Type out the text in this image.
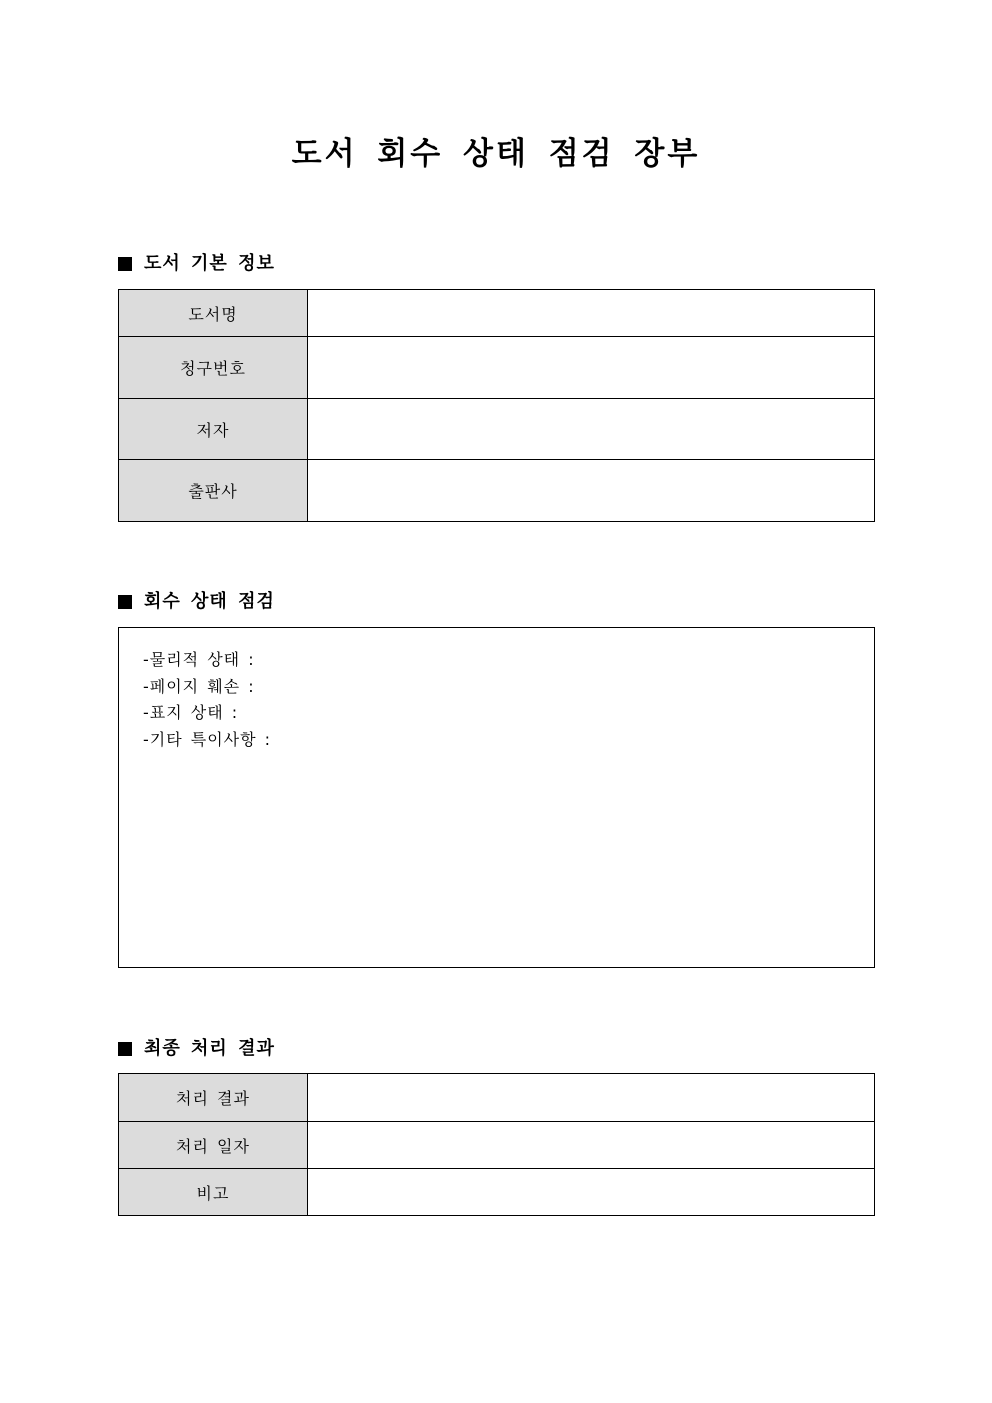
도서 회수 상태 점검 장부
도서 기본 정보
도서명	
청구번호	
저자	
출판사	
회수 상태 점검
-물리적 상태 :
-페이지 훼손 :
-표지 상태 :
-기타 특이사항 :
최종 처리 결과
처리 결과	
처리 일자	
비고	
